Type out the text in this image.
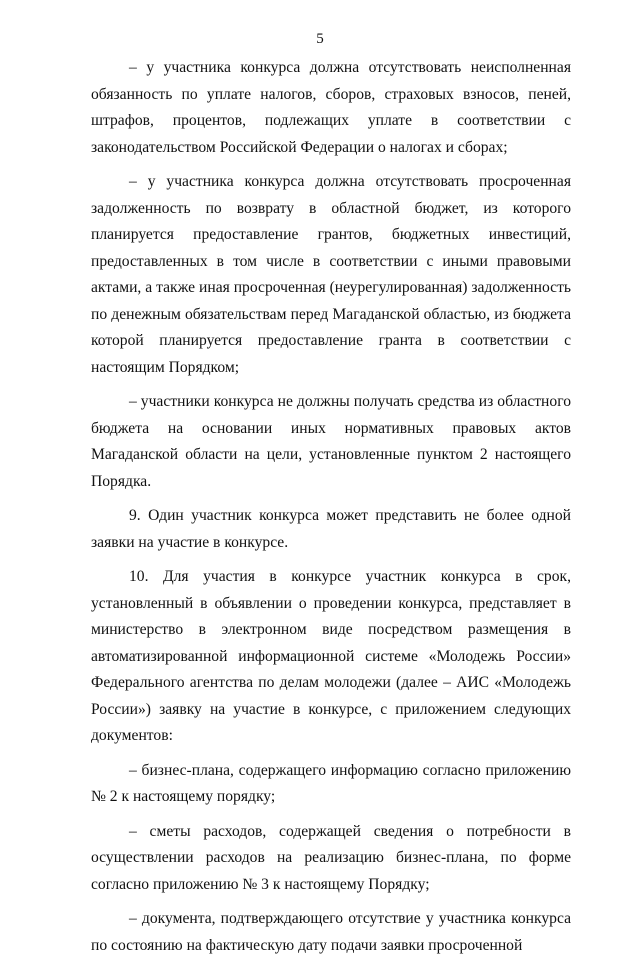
5

– у участника конкурса должна отсутствовать неисполненная обязанность по уплате налогов, сборов, страховых взносов, пеней, штрафов, процентов, подлежащих уплате в соответствии с законодательством Российской Федерации о налогах и сборах;

– у участника конкурса должна отсутствовать просроченная задолженность по возврату в областной бюджет, из которого планируется предоставление грантов, бюджетных инвестиций, предоставленных в том числе в соответствии с иными правовыми актами, а также иная просроченная (неурегулированная) задолженность по денежным обязательствам перед Магаданской областью, из бюджета которой планируется предоставление гранта в соответствии с настоящим Порядком;

– участники конкурса не должны получать средства из областного бюджета на основании иных нормативных правовых актов Магаданской области на цели, установленные пунктом 2 настоящего Порядка.

9. Один участник конкурса может представить не более одной заявки на участие в конкурсе.

10. Для участия в конкурсе участник конкурса в срок, установленный в объявлении о проведении конкурса, представляет в министерство в электронном виде посредством размещения в автоматизированной информационной системе «Молодежь России» Федерального агентства по делам молодежи (далее – АИС «Молодежь России») заявку на участие в конкурсе, с приложением следующих документов:

– бизнес-плана, содержащего информацию согласно приложению № 2 к настоящему порядку;

– сметы расходов, содержащей сведения о потребности в осуществлении расходов на реализацию бизнес-плана, по форме согласно приложению № 3 к настоящему Порядку;

– документа, подтверждающего отсутствие у участника конкурса по состоянию на фактическую дату подачи заявки просроченной
